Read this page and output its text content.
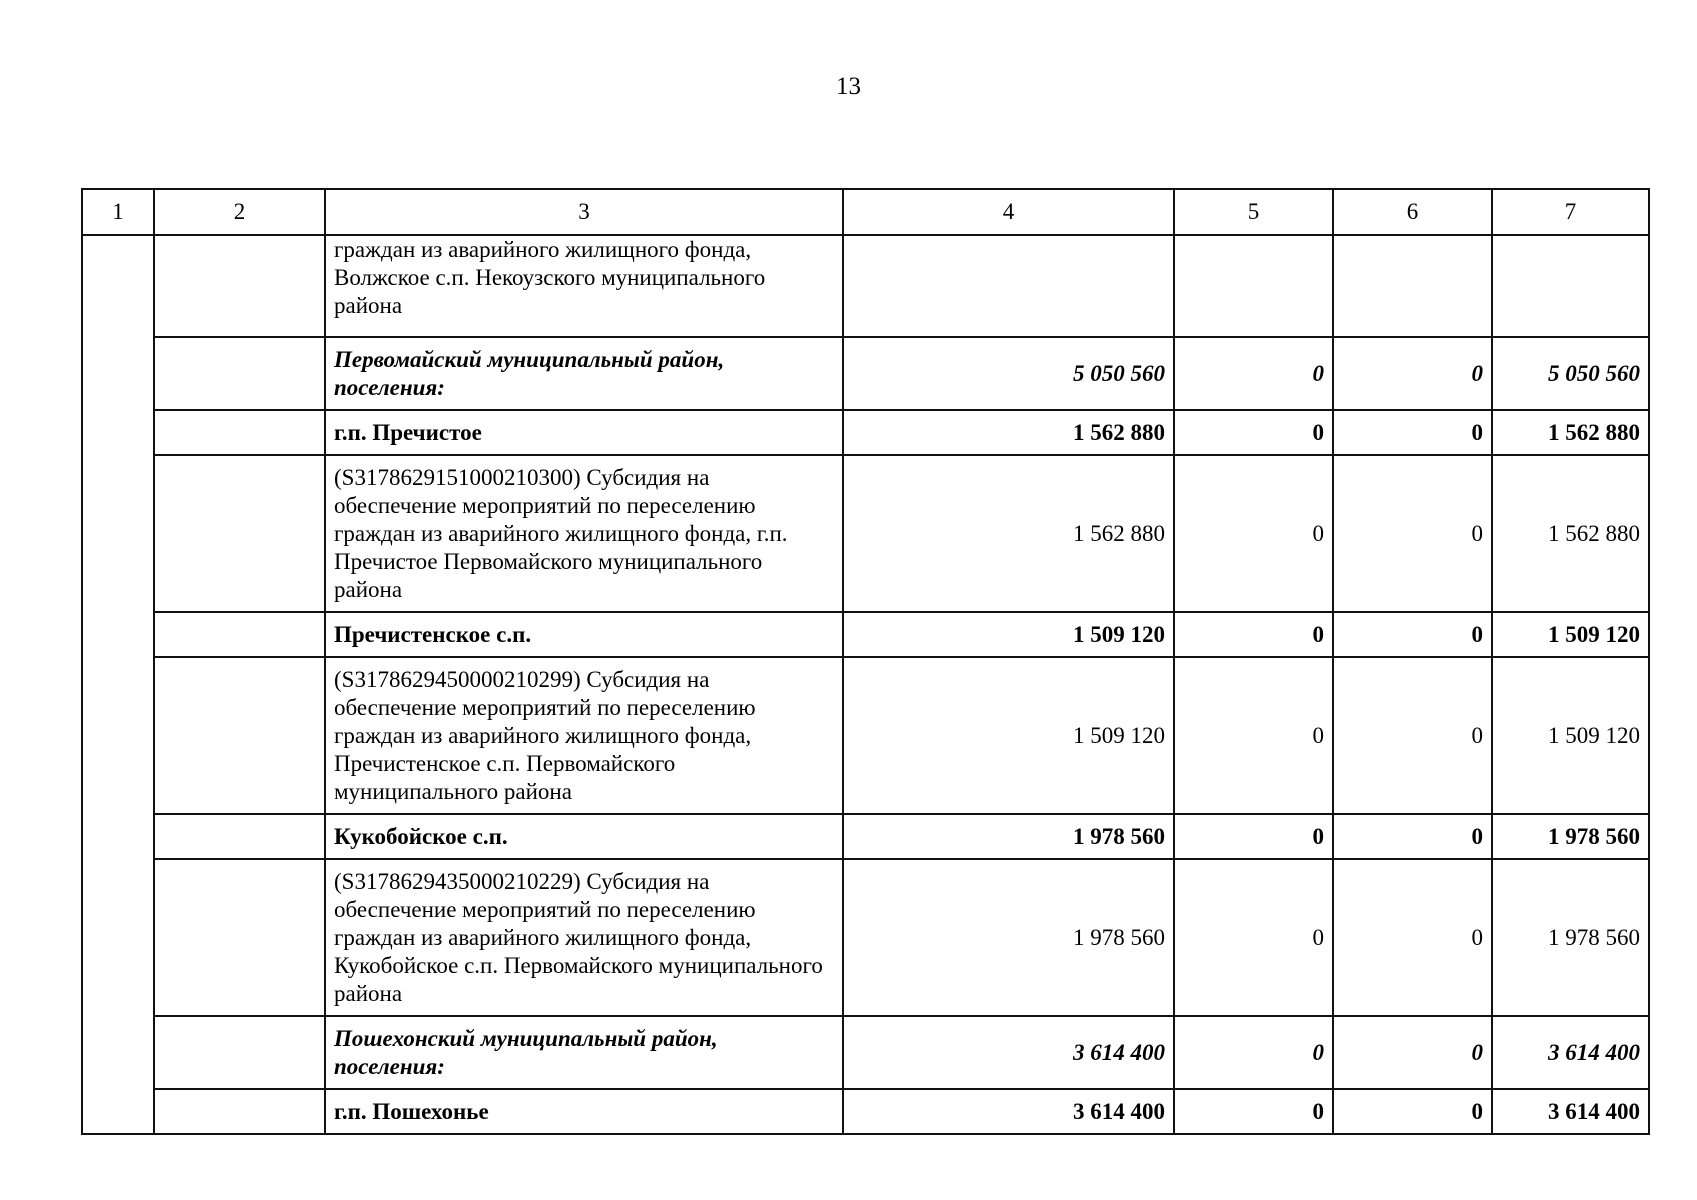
13
1	2	3	4	5	6	7
		граждан из аварийного жилищного фонда, Волжское с.п. Некоузского муниципального района				
		Первомайский муниципальный район, поселения:	5 050 560	0	0	5 050 560
		г.п. Пречистое	1 562 880	0	0	1 562 880
		(S3178629151000210300) Субсидия на обеспечение мероприятий по переселению граждан из аварийного жилищного фонда, г.п. Пречистое Первомайского муниципального района	1 562 880	0	0	1 562 880
		Пречистенское с.п.	1 509 120	0	0	1 509 120
		(S3178629450000210299) Субсидия на обеспечение мероприятий по переселению граждан из аварийного жилищного фонда, Пречистенское с.п. Первомайского муниципального района	1 509 120	0	0	1 509 120
		Кукобойское с.п.	1 978 560	0	0	1 978 560
		(S3178629435000210229) Субсидия на обеспечение мероприятий по переселению граждан из аварийного жилищного фонда, Кукобойское с.п. Первомайского муниципального района	1 978 560	0	0	1 978 560
		Пошехонский муниципальный район, поселения:	3 614 400	0	0	3 614 400
		г.п. Пошехонье	3 614 400	0	0	3 614 400
